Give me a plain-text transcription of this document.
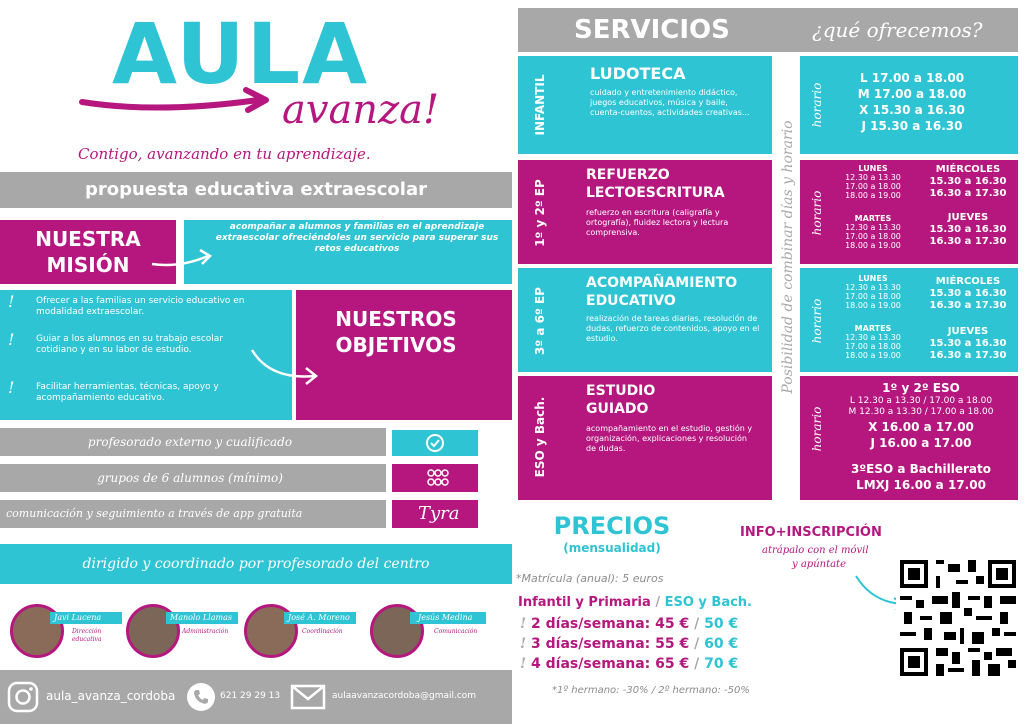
AULA
avanza!
Contigo, avanzando en tu aprendizaje.
propuesta educativa extraescolar
NUESTRA
MISIÓN
acompañar a alumnos y familias en el aprendizaje extraescolar ofreciéndoles un servicio para superar sus retos educativos
NUESTROS
OBJETIVOS
! Ofrecer a las familias un servicio educativo en modalidad extraescolar.
! Guiar a los alumnos en su trabajo escolar cotidiano y en su labor de estudio.
! Facilitar herramientas, técnicas, apoyo y acompañamiento educativo.
profesorado externo y cualificado
grupos de 6 alumnos (mínimo)
comunicación y seguimiento a través de app gratuita	Tyra
dirigido y coordinado por profesorado del centro
Javi Lucena
Dirección educativa
Manolo Llamas
Administración
José A. Moreno
Coordinación
Jesús Medina
Comunicación
aula_avanza_cordoba	621 29 29 13	aulaavanzacordoba@gmail.com
SERVICIOS	¿qué ofrecemos?
Posibilidad de combinar días y horario
INFANTIL
LUDOTECA
cuidado y entretenimiento didáctico, juegos educativos, música y baile, cuenta-cuentos, actividades creativas...	horario
L 17.00 a 18.00
M 17.00 a 18.00
X 15.30 a 16.30
J 15.30 a 16.30
1º y 2º EP
REFUERZO LECTOESCRITURA
refuerzo en escritura (caligrafía y ortografía), fluidez lectora y lectura comprensiva.	horario
LUNES
12.30 a 13.30
17.00 a 18.00
18.00 a 19.00
MARTES
12.30 a 13.30
17.00 a 18.00
18.00 a 19.00
MIÉRCOLES
15.30 a 16.30
16.30 a 17.30
JUEVES
15.30 a 16.30
16.30 a 17.30
3º a 6º EP
ACOMPAÑAMIENTO EDUCATIVO
realización de tareas diarias, resolución de dudas, refuerzo de contenidos, apoyo en el estudio.	horario
LUNES
12.30 a 13.30
17.00 a 18.00
18.00 a 19.00
MARTES
12.30 a 13.30
17.00 a 18.00
18.00 a 19.00
MIÉRCOLES
15.30 a 16.30
16.30 a 17.30
JUEVES
15.30 a 16.30
16.30 a 17.30
ESO y Bach.
ESTUDIO GUIADO
acompañamiento en el estudio, gestión y organización, explicaciones y resolución de dudas.	horario
1º y 2º ESO
L 12.30 a 13.30 / 17.00 a 18.00
M 12.30 a 13.30 / 17.00 a 18.00
X 16.00 a 17.00
J 16.00 a 17.00
3ºESO a Bachillerato
LMXJ 16.00 a 17.00
PRECIOS
(mensualidad)
*Matrícula (anual): 5 euros
Infantil y Primaria / ESO y Bach.
! 2 días/semana: 45 € / 50 €
! 3 días/semana: 55 € / 60 €
! 4 días/semana: 65 € / 70 €
*1º hermano: -30% / 2º hermano: -50%
INFO+INSCRIPCIÓN
atrápalo con el móvil
y apúntate
